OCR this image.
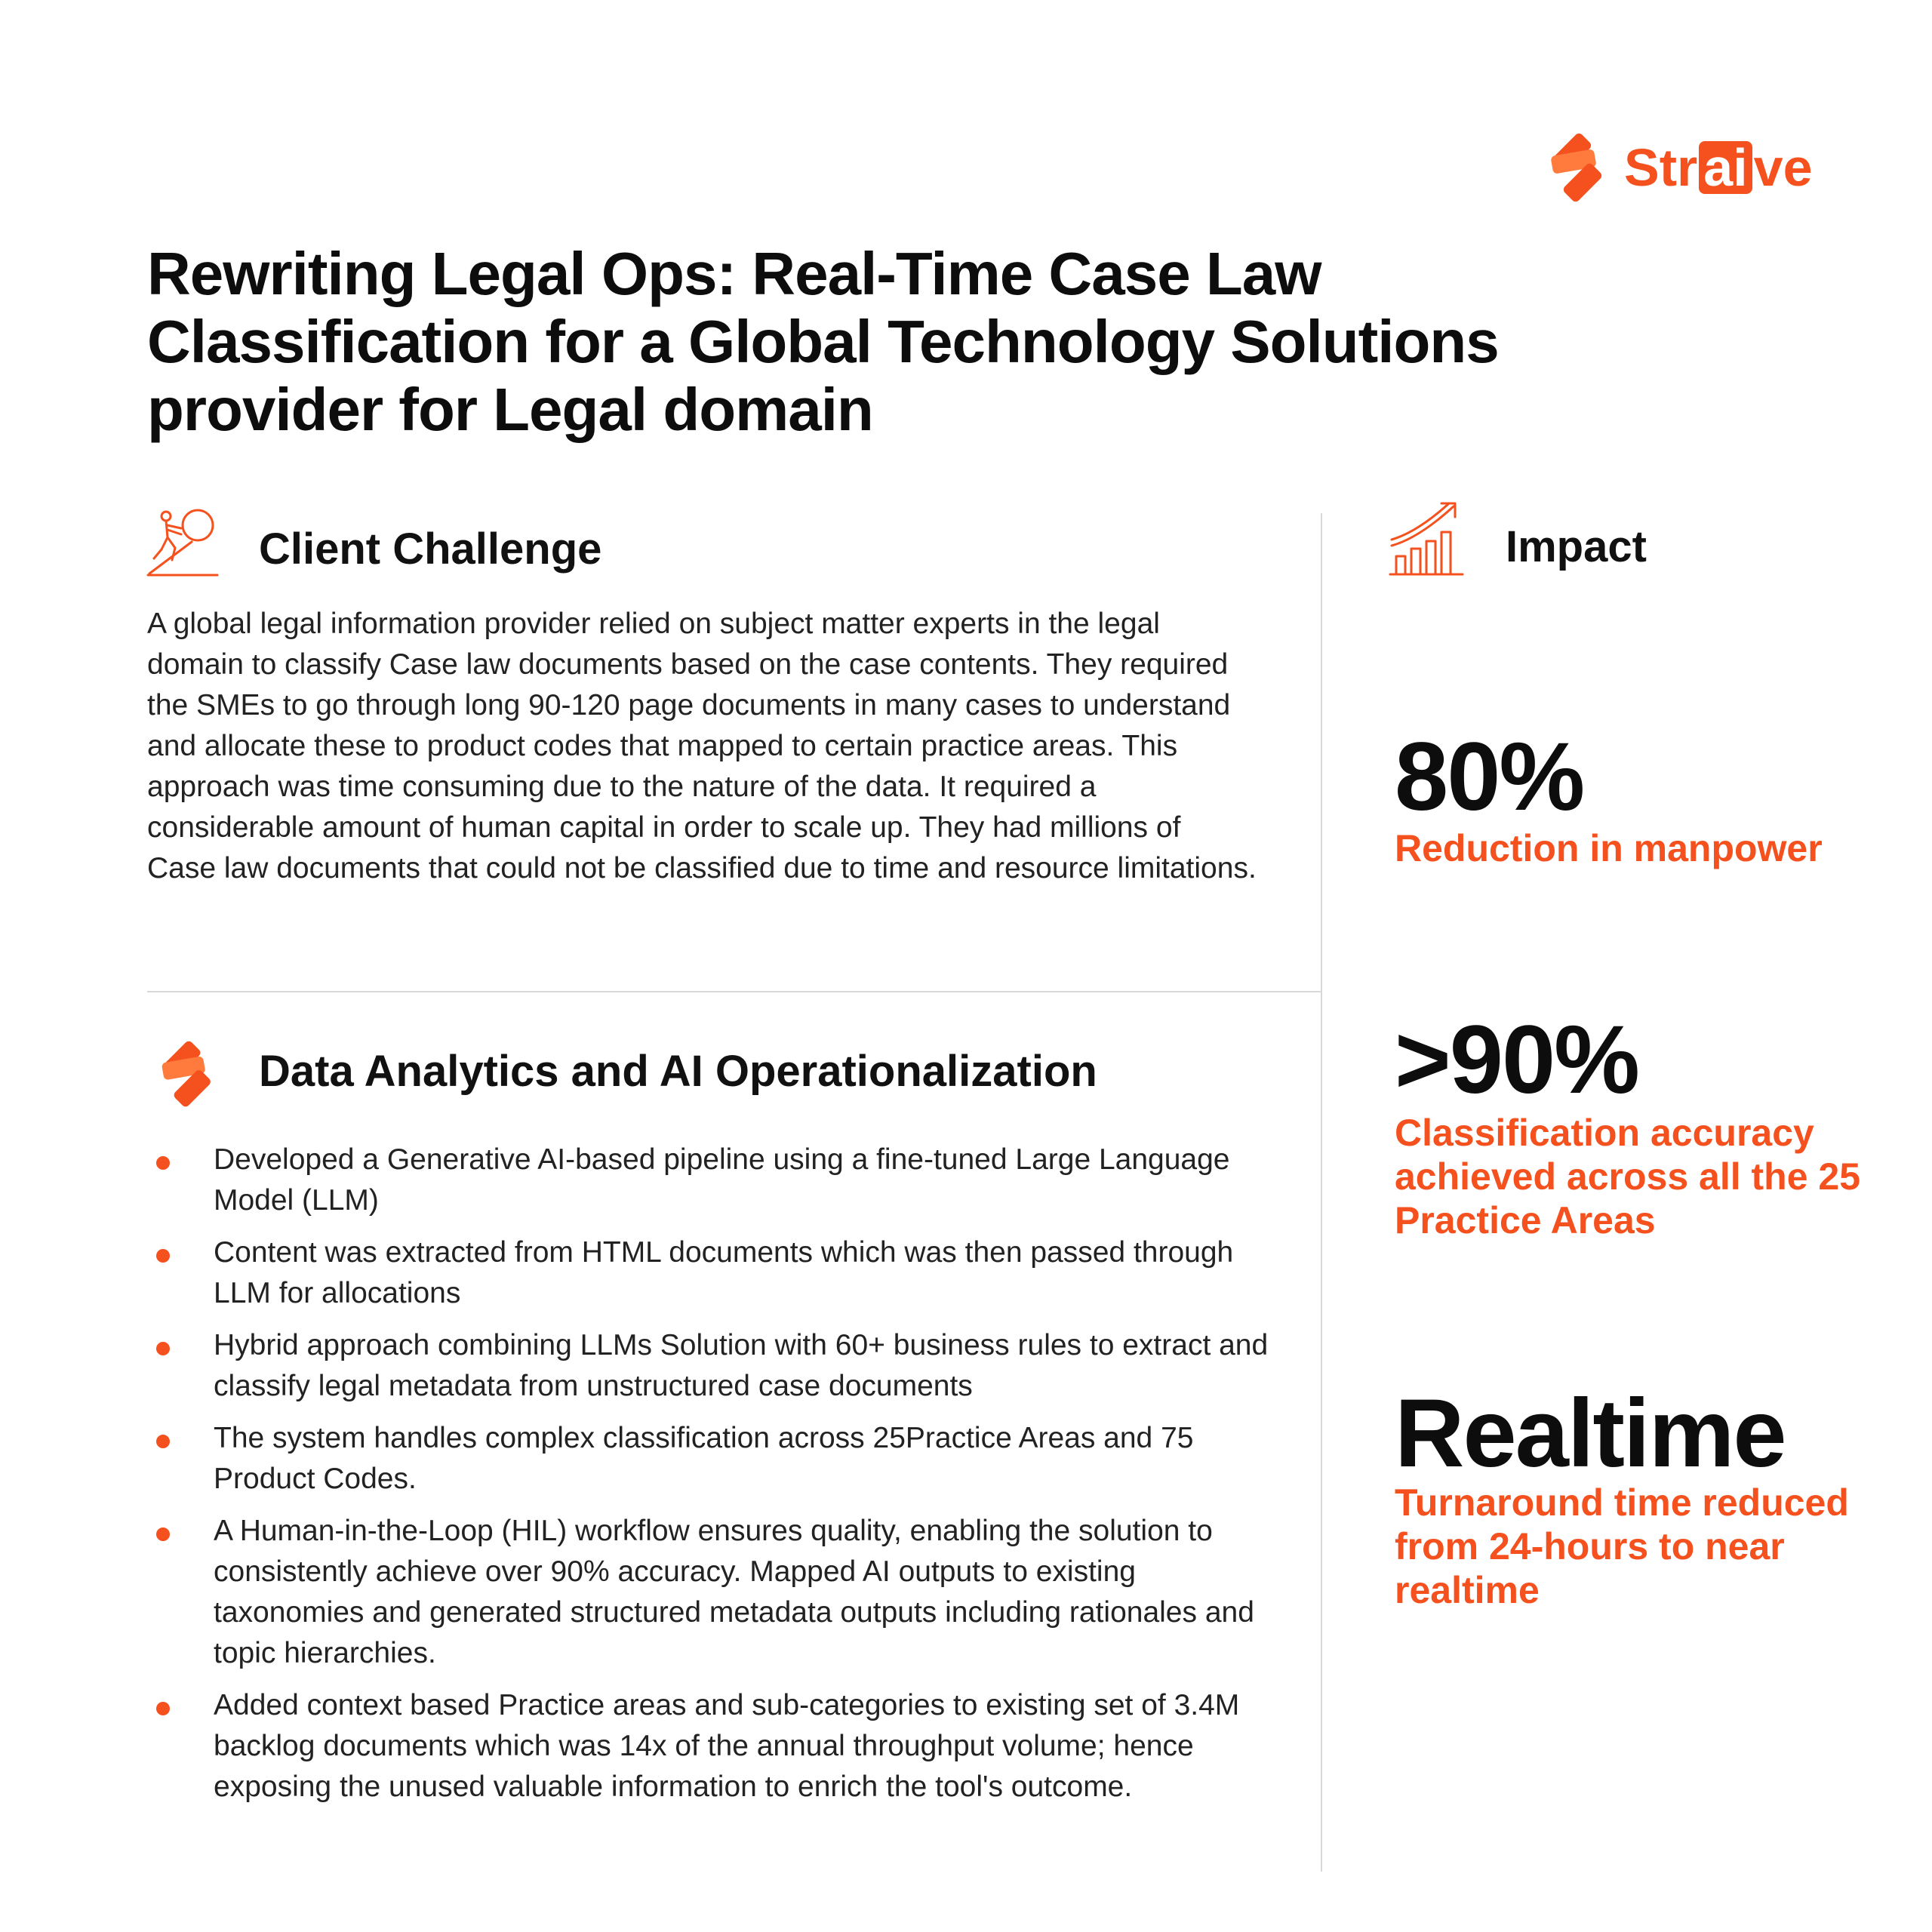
Str ai ve
Rewriting Legal Ops: Real-Time Case Law Classification for a Global Technology Solutions provider for Legal domain
Client Challenge

A global legal information provider relied on subject matter experts in the legal domain to classify Case law documents based on the case contents. They required the SMEs to go through long 90-120 page documents in many cases to understand and allocate these to product codes that mapped to certain practice areas. This approach was time consuming due to the nature of the data. It required a considerable amount of human capital in order to scale up. They had millions of Case law documents that could not be classified due to time and resource limitations.

Data Analytics and AI Operationalization
Developed a Generative AI-based pipeline using a fine-tuned Large Language Model (LLM)
Content was extracted from HTML documents which was then passed through LLM for allocations
Hybrid approach combining LLMs Solution with 60+ business rules to extract and classify legal metadata from unstructured case documents
The system handles complex classification across 25Practice Areas and 75 Product Codes.
A Human-in-the-Loop (HIL) workflow ensures quality, enabling the solution to consistently achieve over 90% accuracy. Mapped AI outputs to existing taxonomies and generated structured metadata outputs including rationales and topic hierarchies.
Added context based Practice areas and sub-categories to existing set of 3.4M backlog documents which was 14x of the annual throughput volume; hence exposing the unused valuable information to enrich the tool's outcome.
Impact
80%
Reduction in manpower
>90%
Classification accuracy achieved across all the 25 Practice Areas
Realtime
Turnaround time reduced from 24-hours to near realtime
